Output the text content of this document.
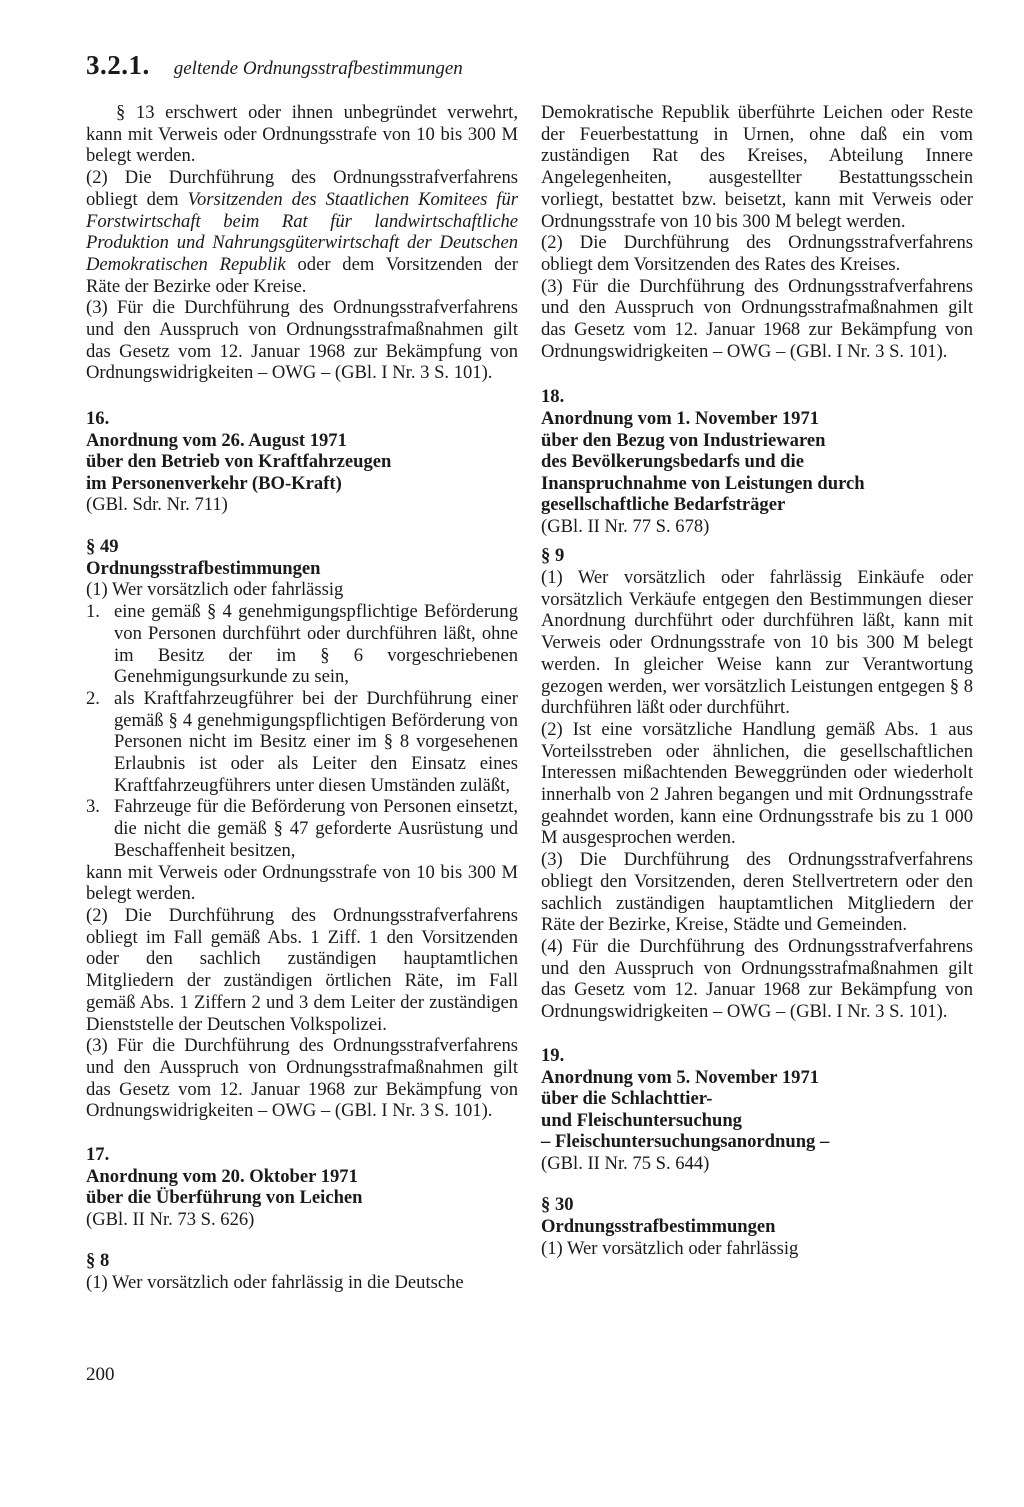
3.2.1. geltende Ordnungsstrafbestimmungen

§ 13 erschwert oder ihnen unbegründet verwehrt, kann mit Verweis oder Ordnungsstrafe von 10 bis 300 M belegt werden.

(2) Die Durchführung des Ordnungsstrafverfahrens obliegt dem Vorsitzenden des Staatlichen Komitees für Forstwirtschaft beim Rat für landwirtschaftliche Produktion und Nahrungsgüterwirtschaft der Deutschen Demokratischen Republik oder dem Vorsitzenden der Räte der Bezirke oder Kreise.

(3) Für die Durchführung des Ordnungsstrafverfahrens und den Ausspruch von Ordnungsstrafmaßnahmen gilt das Gesetz vom 12. Januar 1968 zur Bekämpfung von Ordnungswidrigkeiten – OWG – (GBl. I Nr. 3 S. 101).

16.
Anordnung vom 26. August 1971
über den Betrieb von Kraftfahrzeugen
im Personenverkehr (BO-Kraft)
(GBl. Sdr. Nr. 711)
§ 49
Ordnungsstrafbestimmungen
(1) Wer vorsätzlich oder fahrlässig
1. eine gemäß § 4 genehmigungspflichtige Beförderung von Personen durchführt oder durchführen läßt, ohne im Besitz der im § 6 vorgeschriebenen Genehmigungsurkunde zu sein,
2. als Kraftfahrzeugführer bei der Durchführung einer gemäß § 4 genehmigungspflichtigen Beförderung von Personen nicht im Besitz einer im § 8 vorgesehenen Erlaubnis ist oder als Leiter den Einsatz eines Kraftfahrzeugführers unter diesen Umständen zuläßt,
3. Fahrzeuge für die Beförderung von Personen einsetzt, die nicht die gemäß § 47 geforderte Ausrüstung und Beschaffenheit besitzen,

kann mit Verweis oder Ordnungsstrafe von 10 bis 300 M belegt werden.

(2) Die Durchführung des Ordnungsstrafverfahrens obliegt im Fall gemäß Abs. 1 Ziff. 1 den Vorsitzenden oder den sachlich zuständigen hauptamtlichen Mitgliedern der zuständigen örtlichen Räte, im Fall gemäß Abs. 1 Ziffern 2 und 3 dem Leiter der zuständigen Dienststelle der Deutschen Volkspolizei.

(3) Für die Durchführung des Ordnungsstrafverfahrens und den Ausspruch von Ordnungsstrafmaßnahmen gilt das Gesetz vom 12. Januar 1968 zur Bekämpfung von Ordnungswidrigkeiten – OWG – (GBl. I Nr. 3 S. 101).

17.
Anordnung vom 20. Oktober 1971
über die Überführung von Leichen
(GBl. II Nr. 73 S. 626)
§ 8

(1) Wer vorsätzlich oder fahrlässig in die Deutsche

Demokratische Republik überführte Leichen oder Reste der Feuerbestattung in Urnen, ohne daß ein vom zuständigen Rat des Kreises, Abteilung Innere Angelegenheiten, ausgestellter Bestattungsschein vorliegt, bestattet bzw. beisetzt, kann mit Verweis oder Ordnungsstrafe von 10 bis 300 M belegt werden.

(2) Die Durchführung des Ordnungsstrafverfahrens obliegt dem Vorsitzenden des Rates des Kreises.

(3) Für die Durchführung des Ordnungsstrafverfahrens und den Ausspruch von Ordnungsstrafmaßnahmen gilt das Gesetz vom 12. Januar 1968 zur Bekämpfung von Ordnungswidrigkeiten – OWG – (GBl. I Nr. 3 S. 101).

18.
Anordnung vom 1. November 1971
über den Bezug von Industriewaren
des Bevölkerungsbedarfs und die
Inanspruchnahme von Leistungen durch
gesellschaftliche Bedarfsträger
(GBl. II Nr. 77 S. 678)
§ 9

(1) Wer vorsätzlich oder fahrlässig Einkäufe oder vorsätzlich Verkäufe entgegen den Bestimmungen dieser Anordnung durchführt oder durchführen läßt, kann mit Verweis oder Ordnungsstrafe von 10 bis 300 M belegt werden. In gleicher Weise kann zur Verantwortung gezogen werden, wer vorsätzlich Leistungen entgegen § 8 durchführen läßt oder durchführt.

(2) Ist eine vorsätzliche Handlung gemäß Abs. 1 aus Vorteilsstreben oder ähnlichen, die gesellschaftlichen Interessen mißachtenden Beweggründen oder wiederholt innerhalb von 2 Jahren begangen und mit Ordnungsstrafe geahndet worden, kann eine Ordnungsstrafe bis zu 1 000 M ausgesprochen werden.

(3) Die Durchführung des Ordnungsstrafverfahrens obliegt den Vorsitzenden, deren Stellvertretern oder den sachlich zuständigen hauptamtlichen Mitgliedern der Räte der Bezirke, Kreise, Städte und Gemeinden.

(4) Für die Durchführung des Ordnungsstrafverfahrens und den Ausspruch von Ordnungsstrafmaßnahmen gilt das Gesetz vom 12. Januar 1968 zur Bekämpfung von Ordnungswidrigkeiten – OWG – (GBl. I Nr. 3 S. 101).

19.
Anordnung vom 5. November 1971
über die Schlachttier-
und Fleischuntersuchung
– Fleischuntersuchungsanordnung –
(GBl. II Nr. 75 S. 644)
§ 30
Ordnungsstrafbestimmungen
(1) Wer vorsätzlich oder fahrlässig
200
